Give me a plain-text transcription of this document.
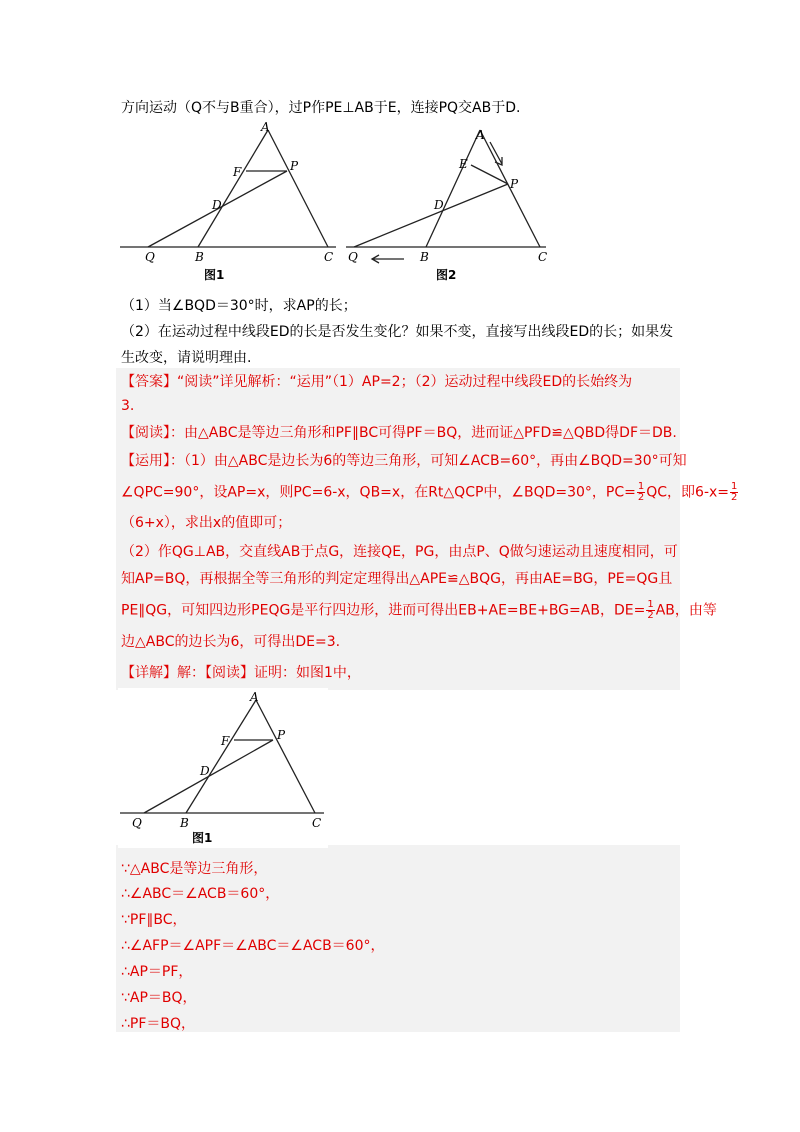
方向运动（Q不与B重合），过P作PE⊥AB于E，连接PQ交AB于D.
A
F	P
D
Q	B	C
图1
A
E
P
D
Q	B	C
图2
（1）当∠BQD＝30°时，求AP的长；
（2）在运动过程中线段ED的长是否发生变化？如果不变，直接写出线段ED的长；如果发
生改变，请说明理由.
【答案】“阅读”详见解析：“运用”（1）AP=2；（2）运动过程中线段ED的长始终为
3.
【阅读】：由△ABC是等边三角形和PF∥BC可得PF＝BQ，进而证△PFD≌△QBD得DF＝DB.
【运用】：（1）由△ABC是边长为6的等边三角形，可知∠ACB=60°，再由∠BQD=30°可知
∠QPC=90°，设AP=x，则PC=6-x，QB=x，在Rt△QCP中，∠BQD=30°，$PC= \frac{1}{2}$ QC，即$6-x= \frac{1}{2}$
（6+x），求出x的值即可；
（2）作QG⊥AB，交直线AB于点G，连接QE，PG，由点P、Q做匀速运动且速度相同，可
知AP=BQ，再根据全等三角形的判定定理得出△APE≌△BQG，再由AE=BG，PE=QG且
PE∥QG，可知四边形PEQG是平行四边形，进而可得出EB+AE=BE+BG=AB，$DE= \frac{1}{2}$ AB，由等
边△ABC的边长为6，可得出DE=3.
【详解】解：【阅读】证明：如图1中，
A
F	P
D
Q	B	C
图1
∵△ABC是等边三角形，
∴∠ABC＝∠ACB＝60°，
∵PF∥BC，
∴∠AFP＝∠APF＝∠ABC＝∠ACB＝60°，
∴AP＝PF，
∵AP＝BQ，
∴PF＝BQ，
